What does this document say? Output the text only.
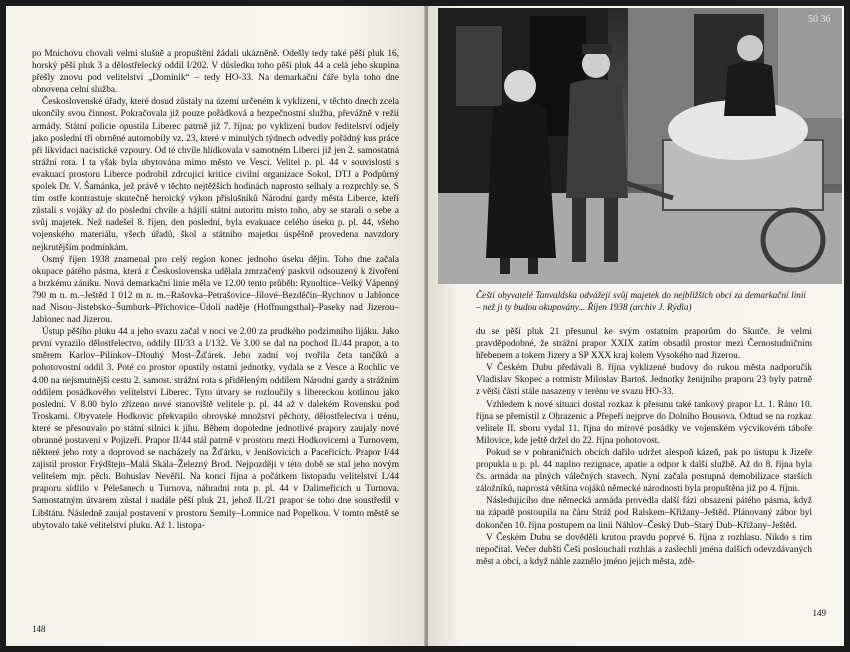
po Mnichovu chovali velmi slušně a propuštění žádali ukázněně. Odešly tedy také pěší pluk 16, horský pěší pluk 3 a dělostřelecký oddíl I/202. V důsledku toho pěší pluk 44 a celá jeho skupina přešly znovu pod velitelství „Dominik“ – tedy HO-33. Na demarkační čáře byla toho dne obnovena celní služba.

Československé úřady, které dosud zůstaly na území určeném k vyklizení, v těchto dnech zcela ukončily svou činnost. Pokračovala již pouze pořádková a bezpečnostní služba, převážně v režii armády. Státní policie opustila Liberec patrně již 7. října; po vyklizení budov ředitelství odjely jako poslední tři obrněné automobily vz. 23, které v minulých týdnech odvedly pořádný kus práce při likvidaci nacistické vzpoury. Od té chvíle hlídkovala v samotném Liberci již jen 2. samostatná strážní rota. I ta však byla ubytována mimo město ve Vesci. Velitel p. pl. 44 v souvislosti s evakuací prostoru Liberce podrobil zdrcující kritice civilní organizace Sokol, DTJ a Podpůrný spolek Dr. V. Šamánka, jež právě v těchto nejtěžších hodinách naprosto selhaly a rozprchly se. S tím ostře kontrastuje skutečně heroický výkon příslušníků Národní gardy města Liberce, kteří zůstali s vojáky až do poslední chvíle a hájili státní autoritu místo toho, aby se starali o sebe a svůj majetek. Než nadešel 8. říjen, den poslední, byla evakuace celého úseku p. pl. 44, všeho vojenského materiálu, všech úřadů, škol a státního majetku úspěšně provedena navzdory nejkrutějším podmínkám.

Osmý říjen 1938 znamenal pro celý region konec jednoho úseku dějin. Toho dne začala okupace pátého pásma, která z Československa udělala zmrzačený paskvil odsouzený k živoření a brzkému zániku. Nová demarkační linie měla ve 12.00 tento průběh: Rynoltice–Velký Vápenný 790 m n. m.–Ještěd 1 012 m n. m.–Rašovka–Petrašovice–Jílové–Bezděčín–Rychnov u Jablonce nad Nisou–Jistebsko–Šumburk–Příchovice–Údolí naděje (Hoffnungsthal)–Paseky nad Jizerou–Jablonec nad Jizerou.

Ústup pěšího pluku 44 a jeho svazu začal v noci ve 2.00 za prudkého podzimního lijáku. Jako první vyrazilo dělostřelectvo, oddíly III/33 a I/132. Ve 3.00 se dal na pochod II./44 prapor, a to směrem Karlov–Pilínkov–Dlouhý Most–Žďárek. Jeho zadní voj tvořila četa tančíků a pohotovostní oddíl 3. Poté co prostor opustily ostatní jednotky, vydala se z Vesce a Rochlic ve 4.00 na nejsmutnější cestu 2. samost. strážní rota s přiděleným oddílem Národní gardy a strážním oddílem posádkového velitelství Liberec. Tyto útvary se rozloučily s libereckou kotlinou jako poslední. V 8.00 bylo zřízeno nové stanoviště velitele p. pl. 44 až v dalekém Rovensku pod Troskami. Obyvatele Hodkovic překvapilo obrovské množství pěchoty, dělostřelectva i trénu, které se přesouvalo po státní silnici k jihu. Během dopoledne jednotlivé prapory zaujaly nové obranné postavení v Pojizeří. Prapor II/44 stál patrně v prostoru mezi Hodkovicemi a Turnovem, některé jeho roty a doprovod se nacházely na Žďárku, v Jenišovicích a Paceřicích. Prapor I/44 zajistil prostor Frýdštejn–Malá Skála–Železný Brod. Nejpozději v této době se stal jeho novým velitelem mjr. pěch. Bohuslav Nevěřil. Na konci října a počátkem listopadu velitelství I./44 praporu sídlilo v Pelešanech u Turnova, náhradní rota p. pl. 44 v Dalimeřicích u Turnova. Samostatným útvarem zůstal i nadále pěší pluk 21, jehož II./21 prapor se toho dne soustředil v Líbštátu. Následně zaujal postavení v prostoru Semily–Lomnice nad Popelkou. V tomto městě se ubytovalo také velitelství pluku. Až 1. listopa-

148
50 36
Čeští obyvatelé Tanvaldska odvážejí svůj majetek do nejbližších obcí za demarkační linií – než ji ty budou okupovány... Říjen 1938 (archiv J. Rýdla)

du se pěší pluk 21 přesunul ke svým ostatním praporům do Skutče. Je velmi pravděpodobné, že strážní prapor XXIX zatím obsadil prostor mezi Černostudničním hřebenem a tokem Jizery a SP XXX kraj kolem Vysokého nad Jizerou.

V Českém Dubu předávali 8. října vyklizené budovy do rukou města nadporučík Vladislav Skopec a rotmistr Miloslav Bartoš. Jednotky ženijního praporu 23 byly patrně z větší části stále nasazeny v terénu ve svazu HO-33.

Vzhledem k nové situaci dostal rozkaz k přesunu také tankový prapor Lt. 1. Ráno 10. října se přemístil z Ohrazenic a Přepeří nejprve do Dolního Bousova. Odtud se na rozkaz velitele II. sboru vydal 11. října do mírové posádky ve vojenském výcvikovém táboře Milovice, kde ještě držel do 22. října pohotovost.

Pokud se v pohraničních obcích dařilo udržet alespoň kázeň, pak po ústupu k Jizeře propukla u p. pl. 44 naplno rezignace, apatie a odpor k další službě. Až do 8. října byla čs. armáda na plných válečných stavech. Nyní začala postupná demobilizace starších záložníků, naprostá většina vojáků německé národnosti byla propuštěna již po 4. říjnu.

Následujícího dne německá armáda provedla další fázi obsazení pátého pásma, když na západě postoupila na čáru Stráž pod Ralskem–Křižany–Ještěd. Plánovaný zábor byl dokončen 10. října postupem na linii Náhlov–Český Dub–Starý Dub–Křižany–Ještěd.

V Českém Dubu se dověděli krutou pravdu poprvé 6. října z rozhlasu. Nikdo s tím nepočítal. Večer dubští Češi poslouchali rozhlas a zaslechli jména dalších odevzdávaných měst a obcí, a když náhle zaznělo jméno jejich města, zdě-

149
